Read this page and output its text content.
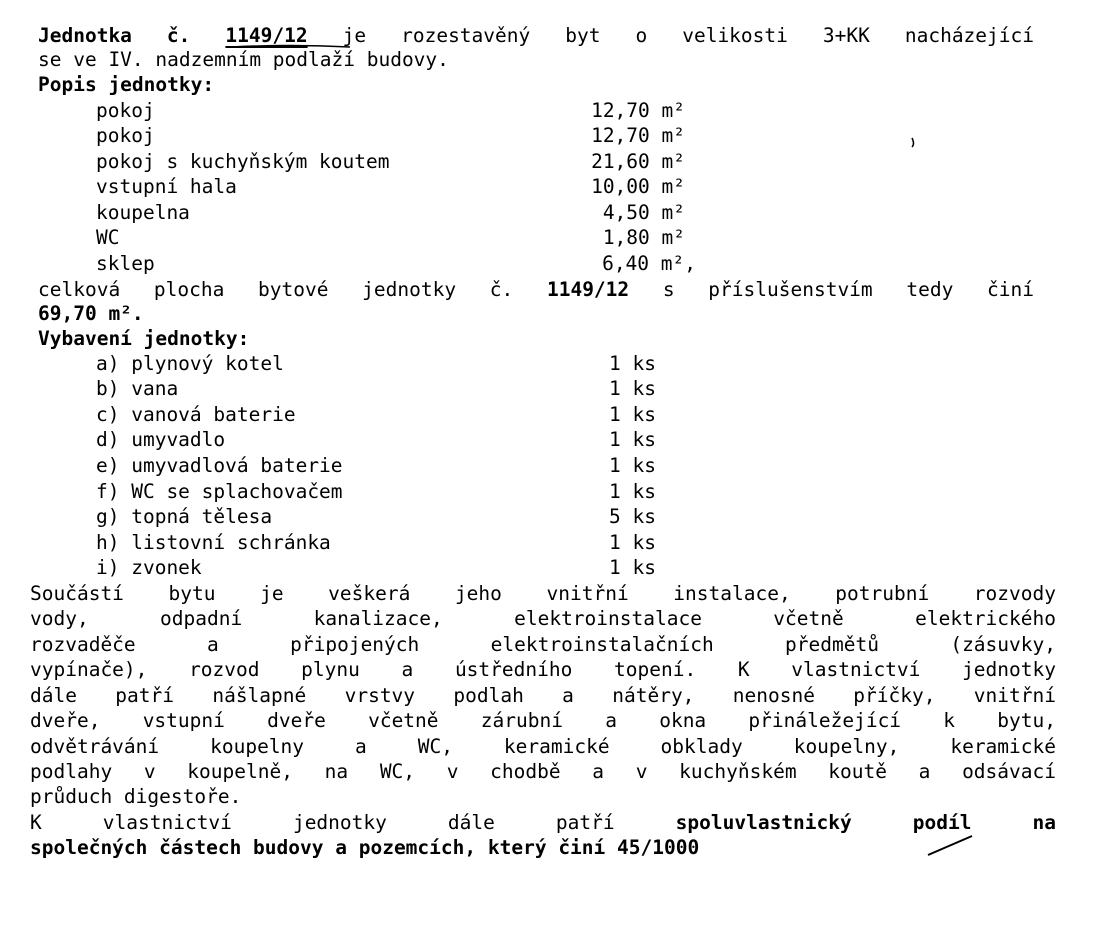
Jednotka č. 1149/12 je rozestavěný byt o velikosti 3+KK nacházející
se ve IV. nadzemním podlaží budovy.
Popis jednotky:
pokoj	12,70 m²
pokoj	12,70 m²
pokoj s kuchyňským koutem	21,60 m²
vstupní hala	10,00 m²
koupelna	4,50 m²
WC	1,80 m²
sklep	6,40 m²,
celková plocha bytové jednotky č. 1149/12 s příslušenstvím tedy činí
69,70 m².
Vybavení jednotky:
a) plynový kotel	1 ks
b) vana	1 ks
c) vanová baterie	1 ks
d) umyvadlo	1 ks
e) umyvadlová baterie	1 ks
f) WC se splachovačem	1 ks
g) topná tělesa	5 ks
h) listovní schránka	1 ks
i) zvonek	1 ks
Součástí bytu je veškerá jeho vnitřní instalace, potrubní rozvody
vody, odpadní kanalizace, elektroinstalace včetně elektrického
rozvaděče a připojených elektroinstalačních předmětů (zásuvky,
vypínače), rozvod plynu a ústředního topení. K vlastnictví jednotky
dále patří nášlapné vrstvy podlah a nátěry, nenosné příčky, vnitřní
dveře, vstupní dveře včetně zárubní a okna přináležející k bytu,
odvětrávání koupelny a WC, keramické obklady koupelny, keramické
podlahy v koupelně, na WC, v chodbě a v kuchyňském koutě a odsávací
průduch digestoře.
K vlastnictví jednotky dále patří	spoluvlastnický podíl na
společných částech budovy a pozemcích, který činí 45/1000
